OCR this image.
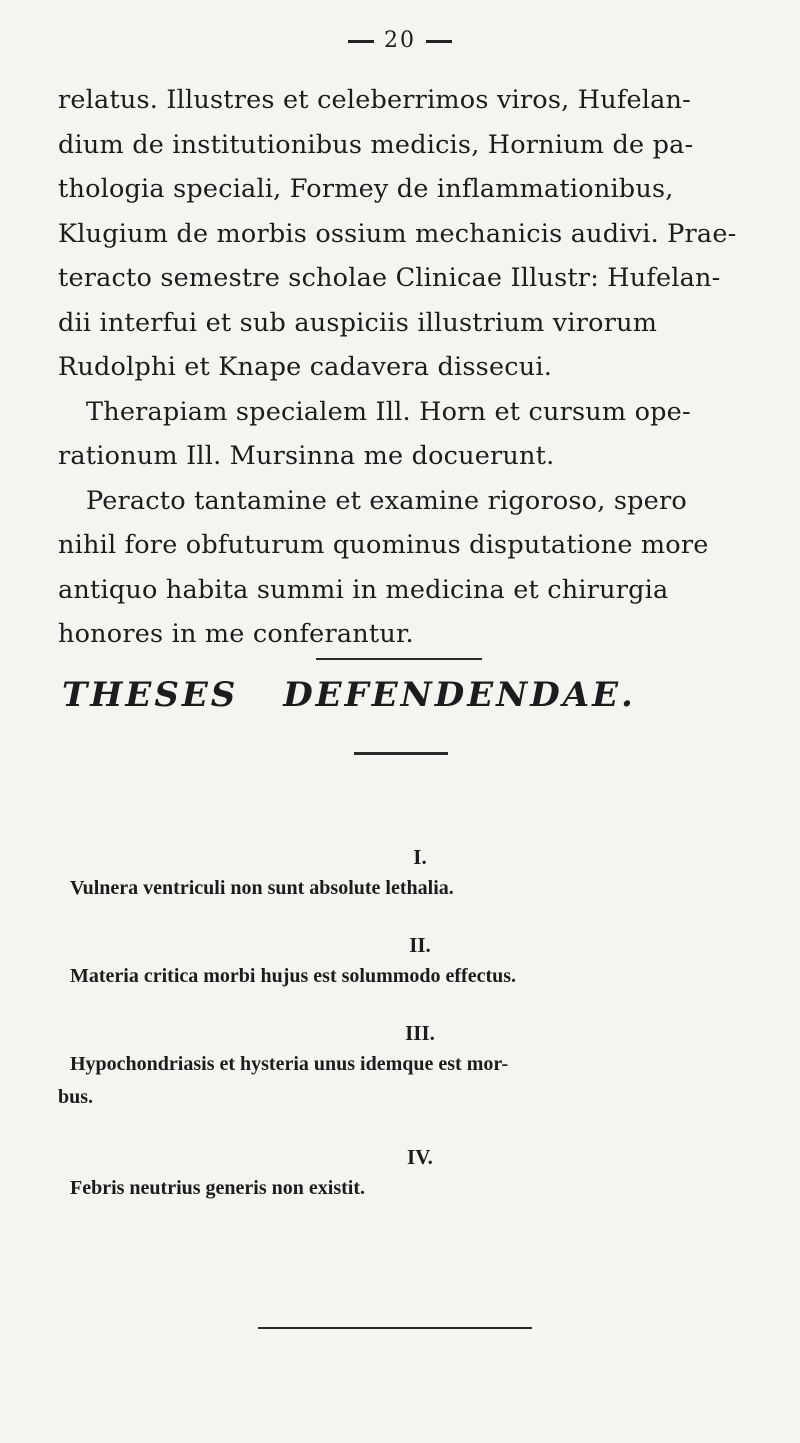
20

relatus. Illustres et celeberrimos viros, Hufelan-
dium de institutionibus medicis, Hornium de pa-
thologia speciali, Formey de inflammationibus,
Klugium de morbis ossium mechanicis audivi. Prae-
teracto semestre scholae Clinicae Illustr: Hufelan-
dii interfui et sub auspiciis illustrium virorum
Rudolphi et Knape cadavera dissecui.

Therapiam specialem Ill. Horn et cursum ope-
rationum Ill. Mursinna me docuerunt.

Peracto tantamine et examine rigoroso, spero
nihil fore obfuturum quominus disputatione more
antiquo habita summi in medicina et chirurgia
honores in me conferantur.

THESES DEFENDENDAE.
I.
Vulnera ventriculi non sunt absolute lethalia.
II.
Materia critica morbi hujus est solummodo effectus.
III.
Hypochondriasis et hysteria unus idemque est mor-
bus.
IV.
Febris neutrius generis non existit.
